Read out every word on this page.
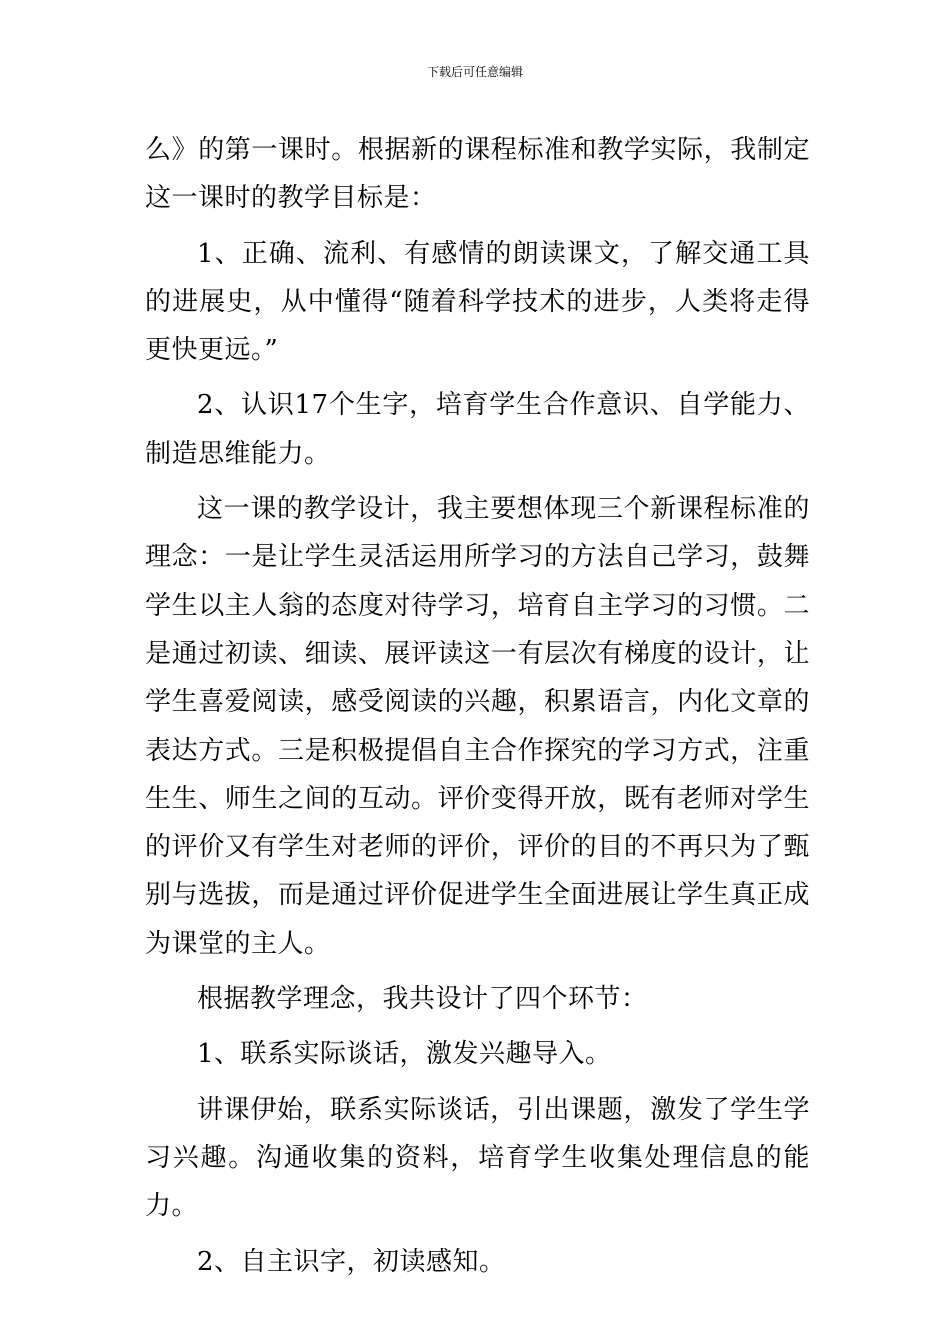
下载后可任意编辑

么》的第一课时。根据新的课程标准和教学实际，我制定这一课时的教学目标是：

1、正确、流利、有感情的朗读课文，了解交通工具的进展史，从中懂得“随着科学技术的进步，人类将走得更快更远。”

2、认识17个生字，培育学生合作意识、自学能力、制造思维能力。

这一课的教学设计，我主要想体现三个新课程标准的理念：一是让学生灵活运用所学习的方法自己学习，鼓舞学生以主人翁的态度对待学习，培育自主学习的习惯。二是通过初读、细读、展评读这一有层次有梯度的设计，让学生喜爱阅读，感受阅读的兴趣，积累语言，内化文章的表达方式。三是积极提倡自主合作探究的学习方式，注重生生、师生之间的互动。评价变得开放，既有老师对学生的评价又有学生对老师的评价，评价的目的不再只为了甄别与选拔，而是通过评价促进学生全面进展让学生真正成为课堂的主人。

根据教学理念，我共设计了四个环节：

1、联系实际谈话，激发兴趣导入。

讲课伊始，联系实际谈话，引出课题，激发了学生学习兴趣。沟通收集的资料，培育学生收集处理信息的能力。

2、自主识字，初读感知。
